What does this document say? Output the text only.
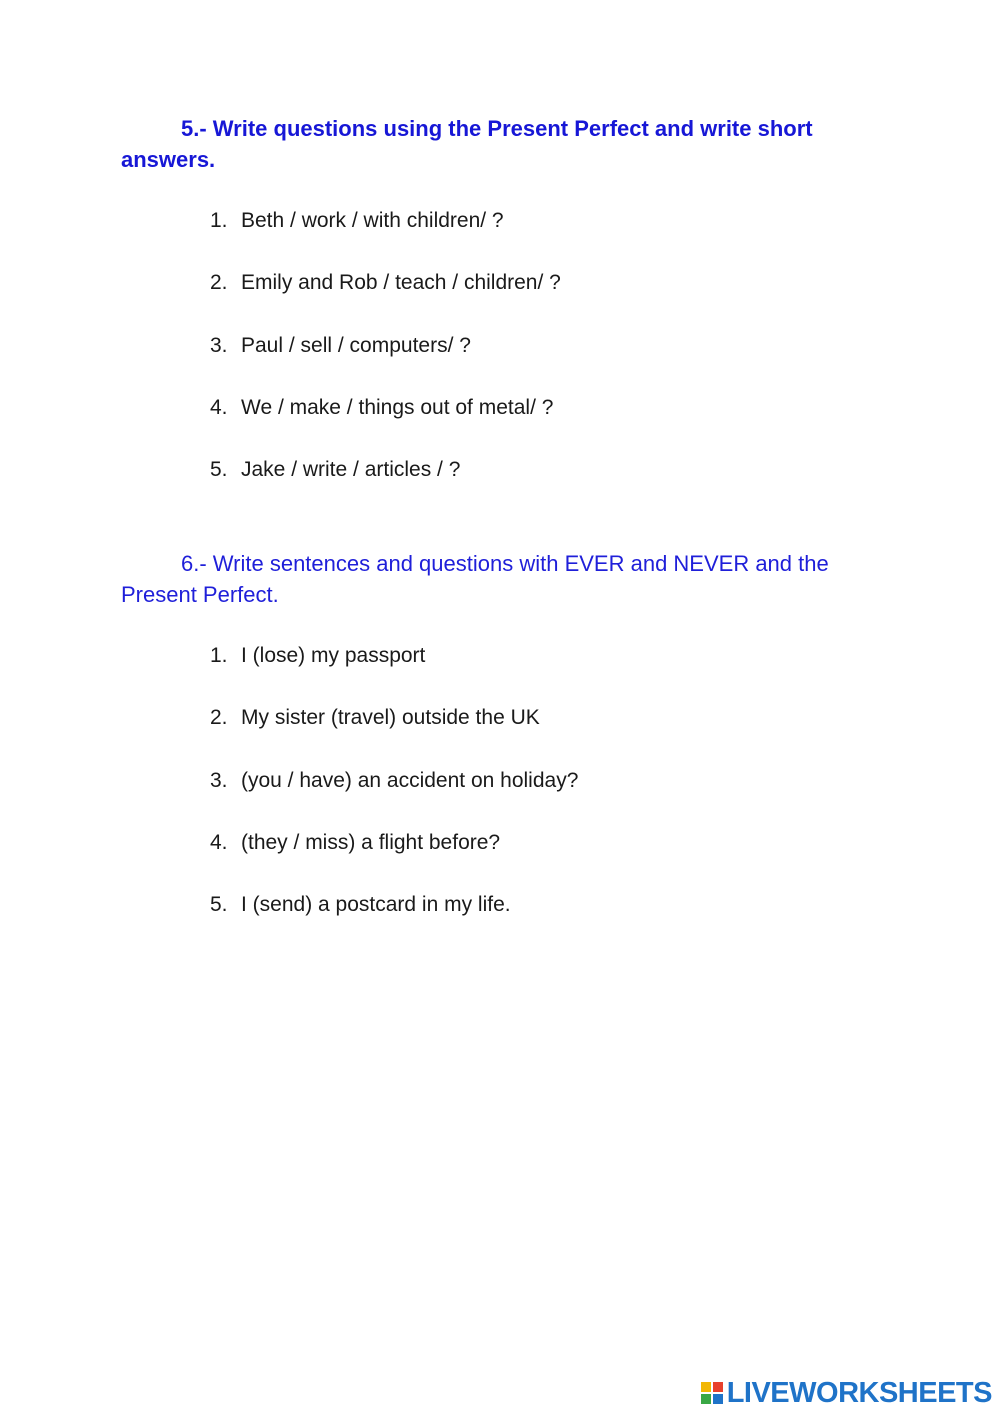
5.- Write questions using the Present Perfect and write short answers.

1. Beth / work / with children/ ?
2. Emily and Rob / teach / children/ ?
3. Paul / sell / computers/ ?
4. We / make / things out of metal/ ?
5. Jake / write / articles / ?

6.- Write sentences and questions with EVER and NEVER and the Present Perfect.

1. I (lose) my passport
2. My sister (travel) outside the UK
3. (you / have) an accident on holiday?
4. (they / miss) a flight before?
5. I (send) a postcard in my life.
LIVEWORKSHEETS
